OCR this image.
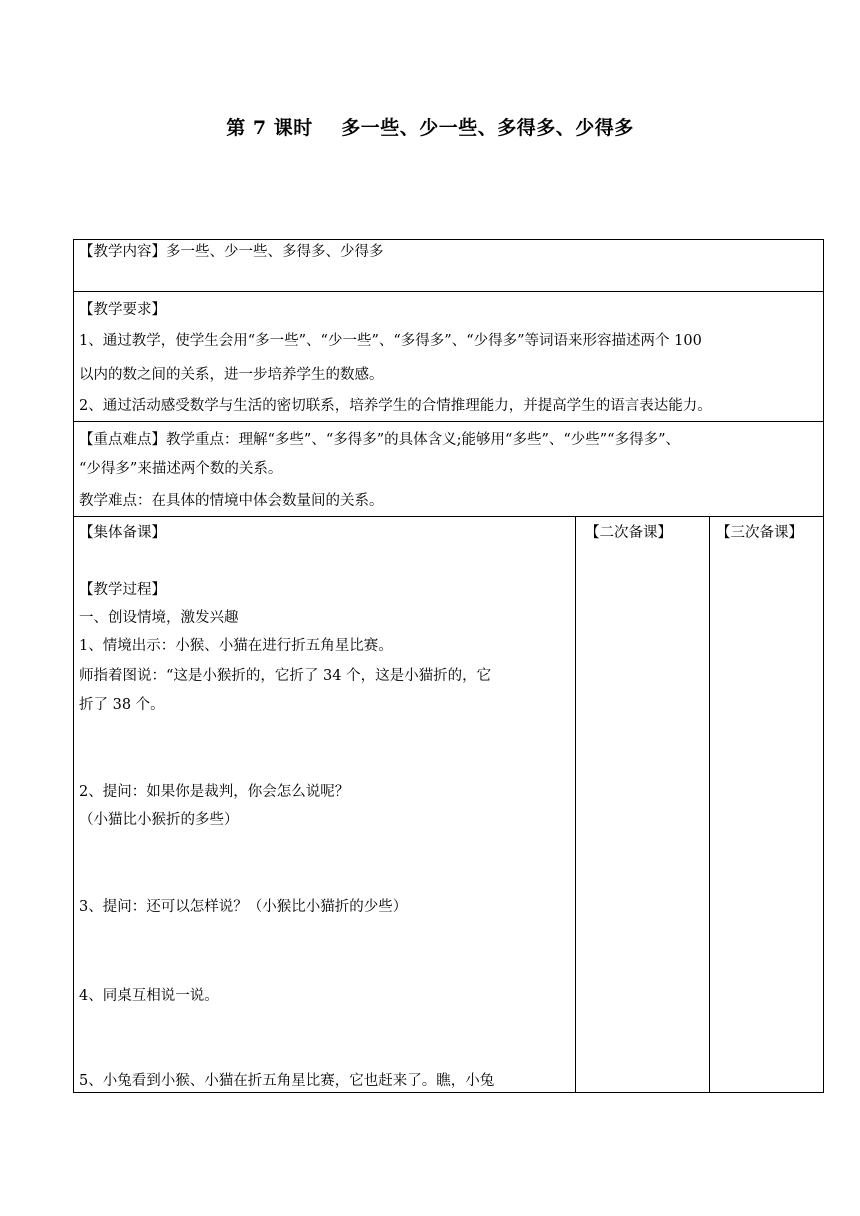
第 7 课时    多一些、少一些、多得多、少得多
【教学内容】多一些、少一些、多得多、少得多
【教学要求】
1、通过教学，使学生会用“多一些”、“少一些”、“多得多”、“少得多”等词语来形容描述两个 100
以内的数之间的关系，进一步培养学生的数感。
2、通过活动感受数学与生活的密切联系，培养学生的合情推理能力，并提高学生的语言表达能力。
【重点难点】教学重点：理解“多些”、“多得多”的具体含义;能够用“多些”、“少些”“多得多”、
“少得多”来描述两个数的关系。
教学难点：在具体的情境中体会数量间的关系。
【集体备课】	【二次备课】	【三次备课】
【教学过程】
一、创设情境，激发兴趣
1、情境出示：小猴、小猫在进行折五角星比赛。
师指着图说：“这是小猴折的，它折了 34 个，这是小猫折的，它
折了 38 个。
2、提问：如果你是裁判，你会怎么说呢？
（小猫比小猴折的多些）
3、提问：还可以怎样说？（小猴比小猫折的少些）
4、同桌互相说一说。
5、小兔看到小猴、小猫在折五角星比赛，它也赶来了。瞧，小兔
